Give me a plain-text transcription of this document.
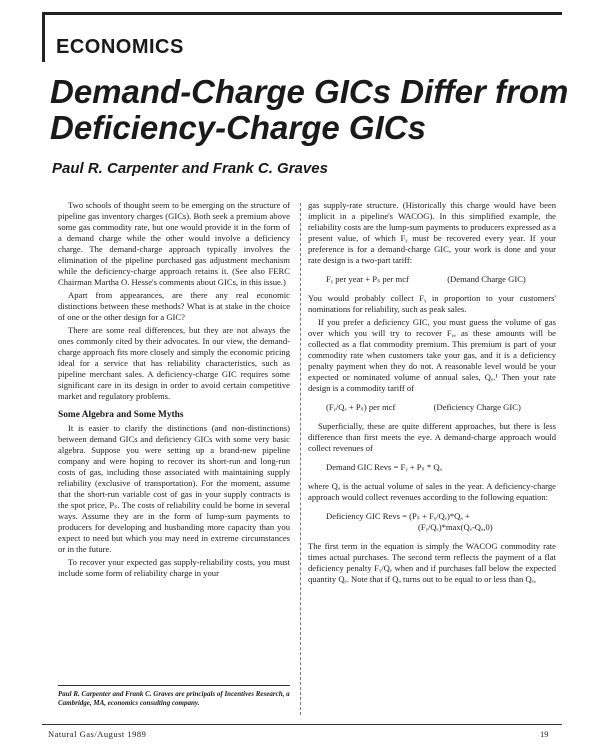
ECONOMICS
Demand-Charge GICs Differ from
Deficiency-Charge GICs
Paul R. Carpenter and Frank C. Graves

Two schools of thought seem to be emerging on the structure of pipeline gas inventory charges (GICs). Both seek a premium above some gas commodity rate, but one would provide it in the form of a demand charge while the other would involve a deficiency charge. The demand-charge approach typically involves the elimination of the pipeline purchased gas adjustment mechanism while the deficiency-charge approach retains it. (See also FERC Chairman Martha O. Hesse's comments about GICs, in this issue.)

Apart from appearances, are there any real economic distinctions between these methods? What is at stake in the choice of one or the other design for a GIC?

There are some real differences, but they are not always the ones commonly cited by their advocates. In our view, the demand-charge approach fits more closely and simply the economic pricing ideal for a service that has reliability characteristics, such as pipeline merchant sales. A deficiency-charge GIC requires some significant care in its design in order to avoid certain competitive market and regulatory problems.

Some Algebra and Some Myths

It is easier to clarify the distinctions (and non-distinctions) between demand GICs and deficiency GICs with some very basic algebra. Suppose you were setting up a brand-new pipeline company and were hoping to recover its short-run and long-run costs of gas, including those associated with maintaining supply reliability (exclusive of transportation). For the moment, assume that the short-run variable cost of gas in your supply contracts is the spot price, Pₛ. The costs of reliability could be borne in several ways. Assume they are in the form of lump-sum payments to producers for developing and husbanding more capacity than you expect to need but which you may need in extreme circumstances or in the future.

To recover your expected gas supply-reliability costs, you must include some form of reliability charge in your

gas supply-rate structure. (Historically this charge would have been implicit in a pipeline's WACOG). In this simplified example, the reliability costs are the lump-sum payments to producers expressed as a present value, of which Fᵧ must be recovered every year. If your preference is for a demand-charge GIC, your work is done and your rate design is a two-part tariff:

Fᵧ per year + Pₛ per mcf	(Demand Charge GIC)

You would probably collect Fᵧ in proportion to your customers' nominations for reliability, such as peak sales.

If you prefer a deficiency GIC, you must guess the volume of gas over which you will try to recover Fᵧ, as these amounts will be collected as a flat commodity premium. This premium is part of your commodity rate when customers take your gas, and it is a deficiency penalty payment when they do not. A reasonable level would be your expected or nominated volume of annual sales, Qₑ.¹ Then your rate design is a commodity tariff of

(Fᵧ/Qₑ + Pₛ) per mcf	(Deficiency Charge GIC)

Superficially, these are quite different approaches, but there is less difference than first meets the eye. A demand-charge approach would collect revenues of

Demand GIC Revs = Fᵧ + Pₛ * Qₐ

where Qₐ is the actual volume of sales in the year. A deficiency-charge approach would collect revenues according to the following equation:

Deficiency GIC Revs = (Pₛ + Fᵧ/Qₑ)*Qₐ +
(Fᵧ/Qₑ)*max(Qₑ-Qₐ,0)

The first term in the equation is simply the WACOG commodity rate times actual purchases. The second term reflects the payment of a flat deficiency penalty Fᵧ/Qₑ when and if purchases fall below the expected quantity Qₑ. Note that if Qₐ turns out to be equal to or less than Qₑ,

Paul R. Carpenter and Frank C. Graves are principals of Incentives Research, a Cambridge, MA, economics consulting company.
Natural Gas/August 1989	19
